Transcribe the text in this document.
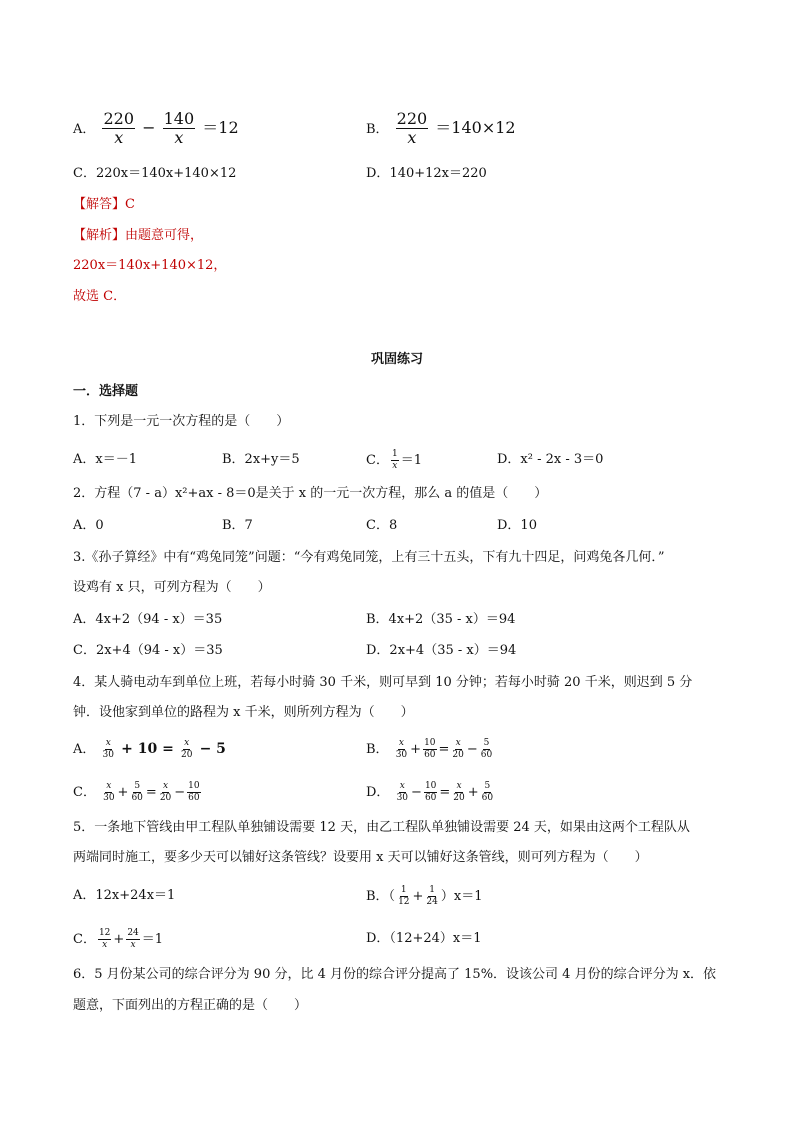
A． $\frac{220}{x} - \frac{140}{x} =12$	B． $\frac{220}{x} =140\times 12$
C．220x＝140x+140×12	D．140+12x＝220
【解答】C
【解析】由题意可得，
220x＝140x+140×12，
故选 C．
巩固练习
一．选择题
1．下列是一元一次方程的是（　　）
A．x＝－1	B．2x+y＝5	C． $\frac{1}{x} =1$	D．x² - 2x - 3＝0
2．方程（7 - a）x²+ax - 8＝0是关于 x 的一元一次方程，那么 a 的值是（　　）
A．0	B．7	C．8	D．10
3.《孙子算经》中有“鸡兔同笼”问题：“今有鸡兔同笼，上有三十五头，下有九十四足，问鸡兔各几何．”
设鸡有 x 只，可列方程为（　　）
A．4x+2（94 - x）＝35	B．4x+2（35 - x）＝94
C．2x+4（94 - x）＝35	D．2x+4（35 - x）＝94
4．某人骑电动车到单位上班，若每小时骑 30 千米，则可早到 10 分钟；若每小时骑 20 千米，则迟到 5 分
钟．设他家到单位的路程为 x 千米，则所列方程为（　　）
A． $\frac{x}{30} + 10 = \frac{x}{20} - 5$	B． $\frac{x}{30} + \frac{10}{60} = \frac{x}{20} - \frac{5}{60}$
C． $\frac{x}{30} + \frac{5}{60} = \frac{x}{20} - \frac{10}{60}$	D． $\frac{x}{30} - \frac{10}{60} = \frac{x}{20} + \frac{5}{60}$
5．一条地下管线由甲工程队单独铺设需要 12 天，由乙工程队单独铺设需要 24 天，如果由这两个工程队从
两端同时施工，要多少天可以铺好这条管线？设要用 x 天可以铺好这条管线，则可列方程为（　　）
A．12x+24x＝1	B．（ $\frac{1}{12} + \frac{1}{24} )x=1$
C． $\frac{12}{x} + \frac{24}{x} =1$	D．（12+24）x＝1
6．5 月份某公司的综合评分为 90 分，比 4 月份的综合评分提高了 15%．设该公司 4 月份的综合评分为 x．依
题意，下面列出的方程正确的是（　　）
